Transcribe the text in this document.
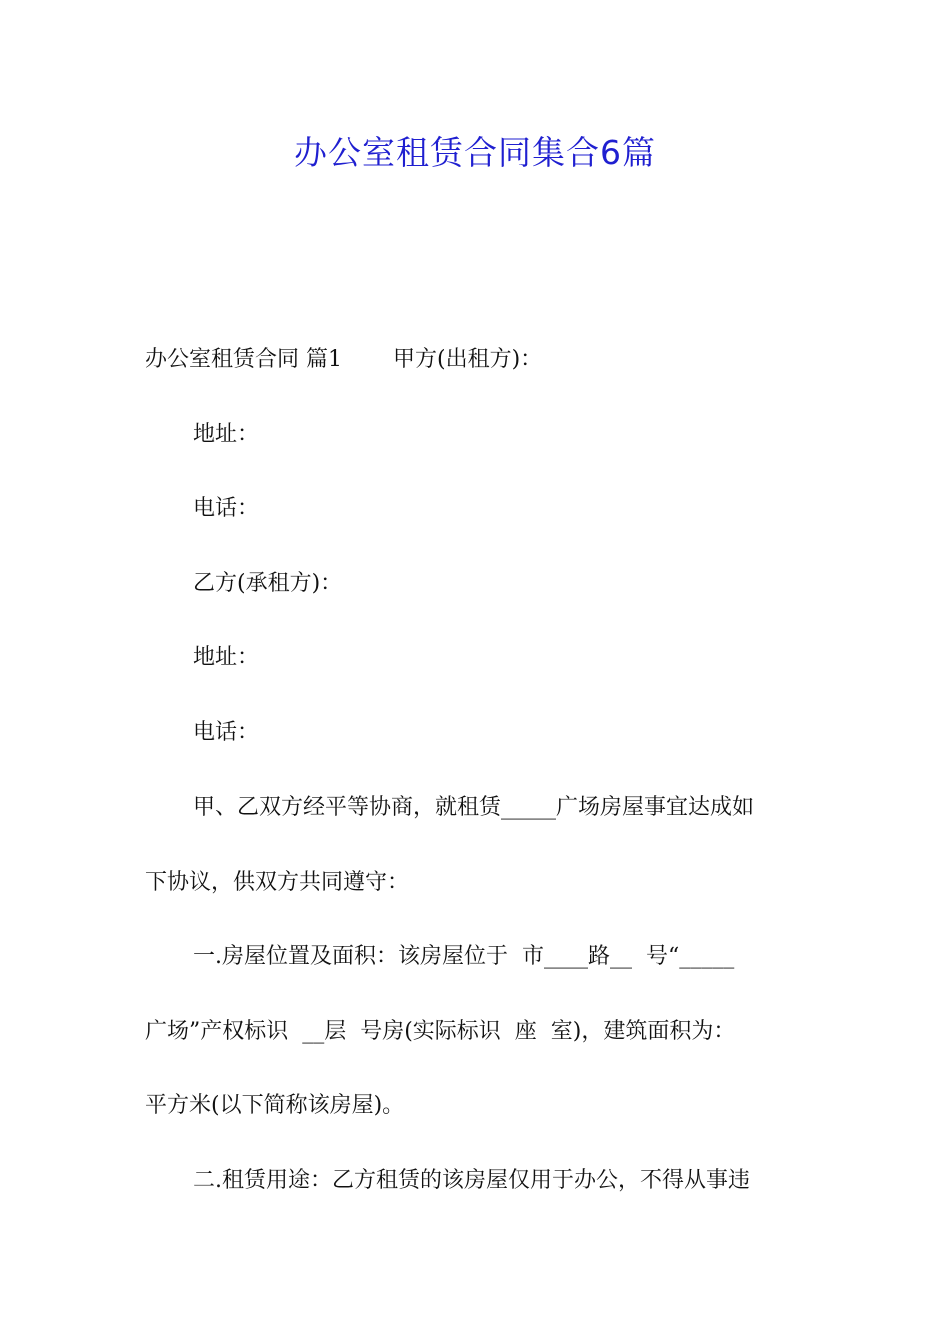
办公室租赁合同集合6篇
办公室租赁合同 篇1　　 甲方(出租方)：
地址：
电话：
乙方(承租方)：
地址：
电话：
甲、乙双方经平等协商，就租赁_____广场房屋事宜达成如
下协议，供双方共同遵守：
一.房屋位置及面积：该房屋位于  市____路__  号“_____
广场”产权标识  __层  号房(实际标识  座  室)，建筑面积为：
平方米(以下简称该房屋)。
二.租赁用途：乙方租赁的该房屋仅用于办公，不得从事违
